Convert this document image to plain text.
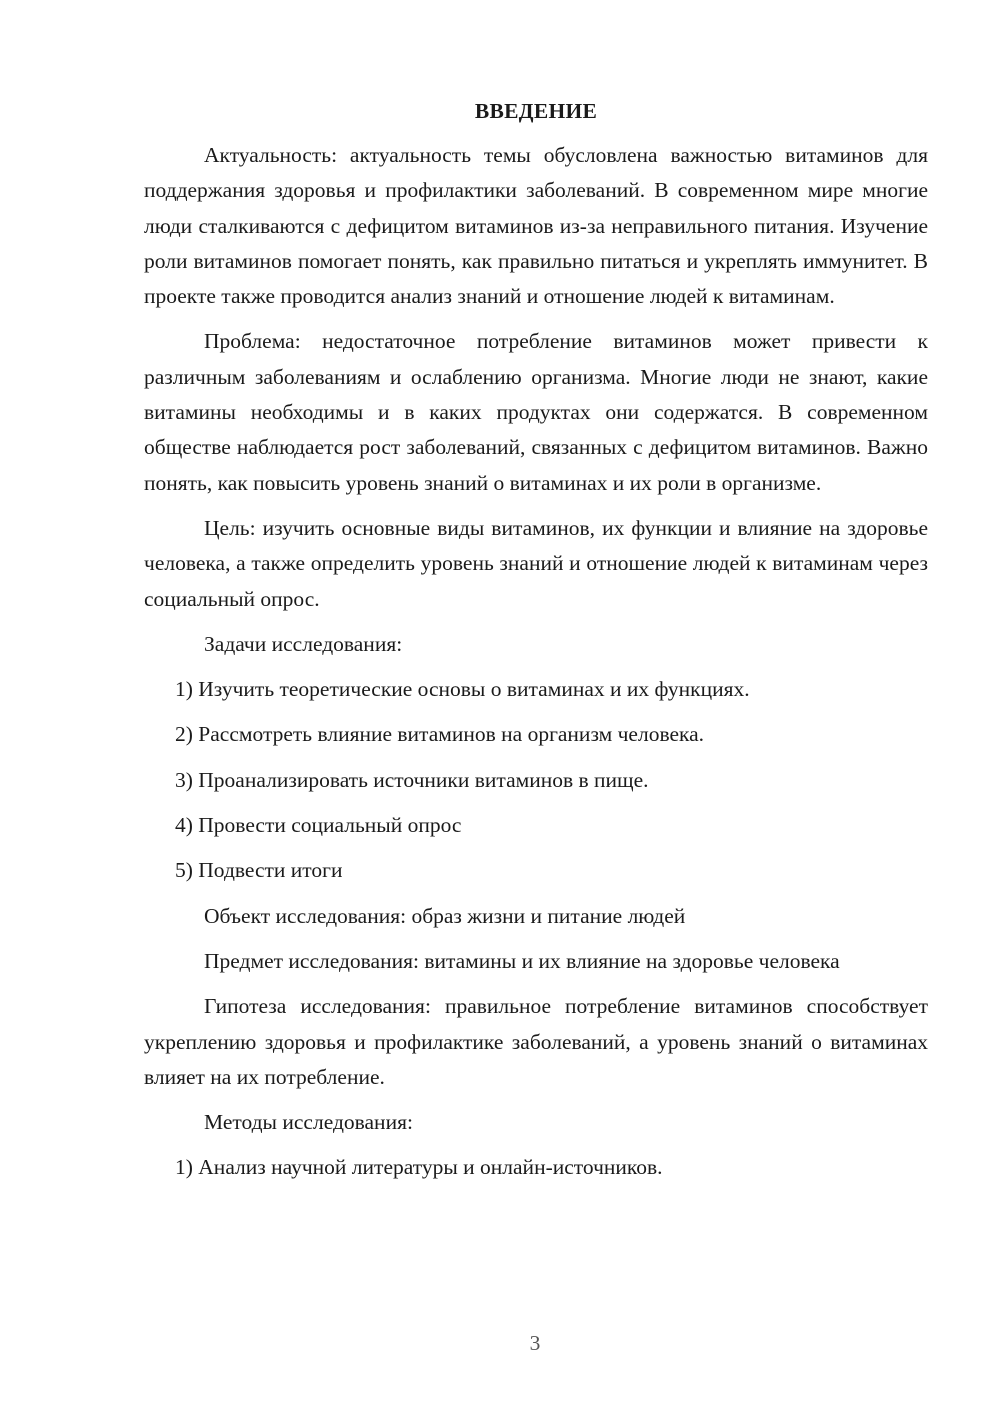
ВВЕДЕНИЕ

Актуальность: актуальность темы обусловлена важностью витаминов для поддержания здоровья и профилактики заболеваний. В современном мире многие люди сталкиваются с дефицитом витаминов из-за неправильного питания. Изучение роли витаминов помогает понять, как правильно питаться и укреплять иммунитет. В проекте также проводится анализ знаний и отношение людей к витаминам.

Проблема: недостаточное потребление витаминов может привести к различным заболеваниям и ослаблению организма. Многие люди не знают, какие витамины необходимы и в каких продуктах они содержатся. В современном обществе наблюдается рост заболеваний, связанных с дефицитом витаминов. Важно понять, как повысить уровень знаний о витаминах и их роли в организме.

Цель: изучить основные виды витаминов, их функции и влияние на здоровье человека, а также определить уровень знаний и отношение людей к витаминам через социальный опрос.

Задачи исследования:

1) Изучить теоретические основы о витаминах и их функциях.

2) Рассмотреть влияние витаминов на организм человека.

3) Проанализировать источники витаминов в пище.

4) Провести социальный опрос

5) Подвести итоги

Объект исследования: образ жизни и питание людей

Предмет исследования: витамины и их влияние на здоровье человека

Гипотеза исследования: правильное потребление витаминов способствует укреплению здоровья и профилактике заболеваний, а уровень знаний о витаминах влияет на их потребление.

Методы исследования:

1) Анализ научной литературы и онлайн-источников.

3
